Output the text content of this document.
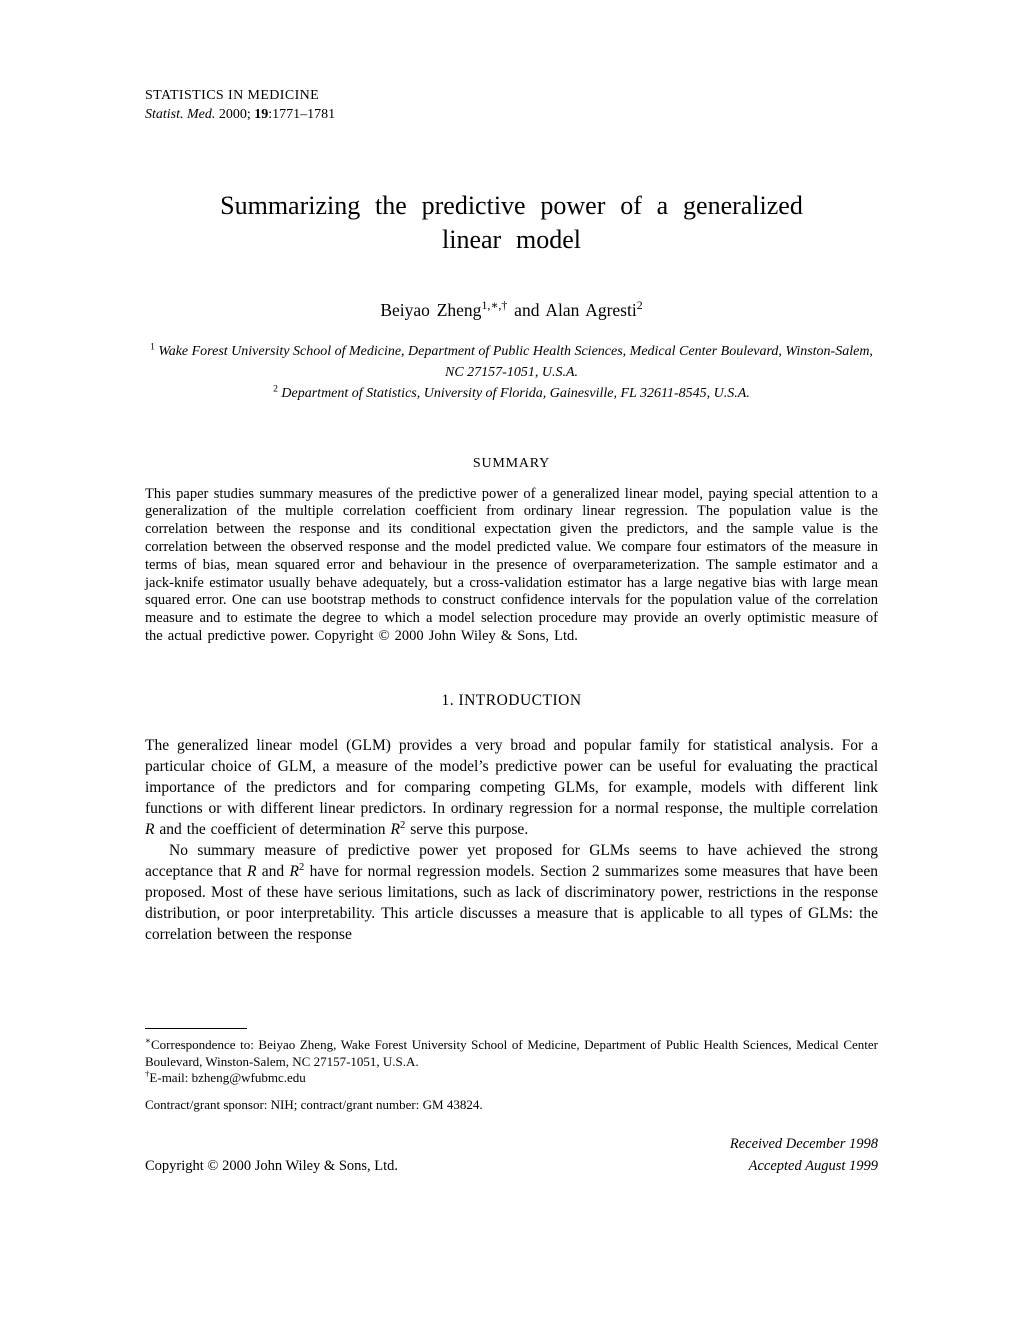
STATISTICS IN MEDICINE
Statist. Med. 2000; 19:1771–1781
Summarizing the predictive power of a generalized
linear model
Beiyao Zheng$^{1,∗,\dagger}$ and Alan Agresti$^2$
$^1$ Wake Forest University School of Medicine, Department of Public Health Sciences, Medical Center Boulevard, Winston-Salem, NC 27157-1051, U.S.A.
$^2$ Department of Statistics, University of Florida, Gainesville, FL 32611-8545, U.S.A.
SUMMARY

This paper studies summary measures of the predictive power of a generalized linear model, paying special attention to a generalization of the multiple correlation coefficient from ordinary linear regression. The population value is the correlation between the response and its conditional expectation given the predictors, and the sample value is the correlation between the observed response and the model predicted value. We compare four estimators of the measure in terms of bias, mean squared error and behaviour in the presence of overparameterization. The sample estimator and a jack-knife estimator usually behave adequately, but a cross-validation estimator has a large negative bias with large mean squared error. One can use bootstrap methods to construct confidence intervals for the population value of the correlation measure and to estimate the degree to which a model selection procedure may provide an overly optimistic measure of the actual predictive power. Copyright © 2000 John Wiley & Sons, Ltd.

1. INTRODUCTION

The generalized linear model (GLM) provides a very broad and popular family for statistical analysis. For a particular choice of GLM, a measure of the model’s predictive power can be useful for evaluating the practical importance of the predictors and for comparing competing GLMs, for example, models with different link functions or with different linear predictors. In ordinary regression for a normal response, the multiple correlation R and the coefficient of determination $R^2$ serve this purpose.

No summary measure of predictive power yet proposed for GLMs seems to have achieved the strong acceptance that R and $R^2$ have for normal regression models. Section 2 summarizes some measures that have been proposed. Most of these have serious limitations, such as lack of discriminatory power, restrictions in the response distribution, or poor interpretability. This article discusses a measure that is applicable to all types of GLMs: the correlation between the response

∗Correspondence to: Beiyao Zheng, Wake Forest University School of Medicine, Department of Public Health Sciences, Medical Center Boulevard, Winston-Salem, NC 27157-1051, U.S.A.

†E-mail: bzheng@wfubmc.edu

Contract/grant sponsor: NIH; contract/grant number: GM 43824.

Received December 1998
Copyright © 2000 John Wiley & Sons, Ltd.	Accepted August 1999
